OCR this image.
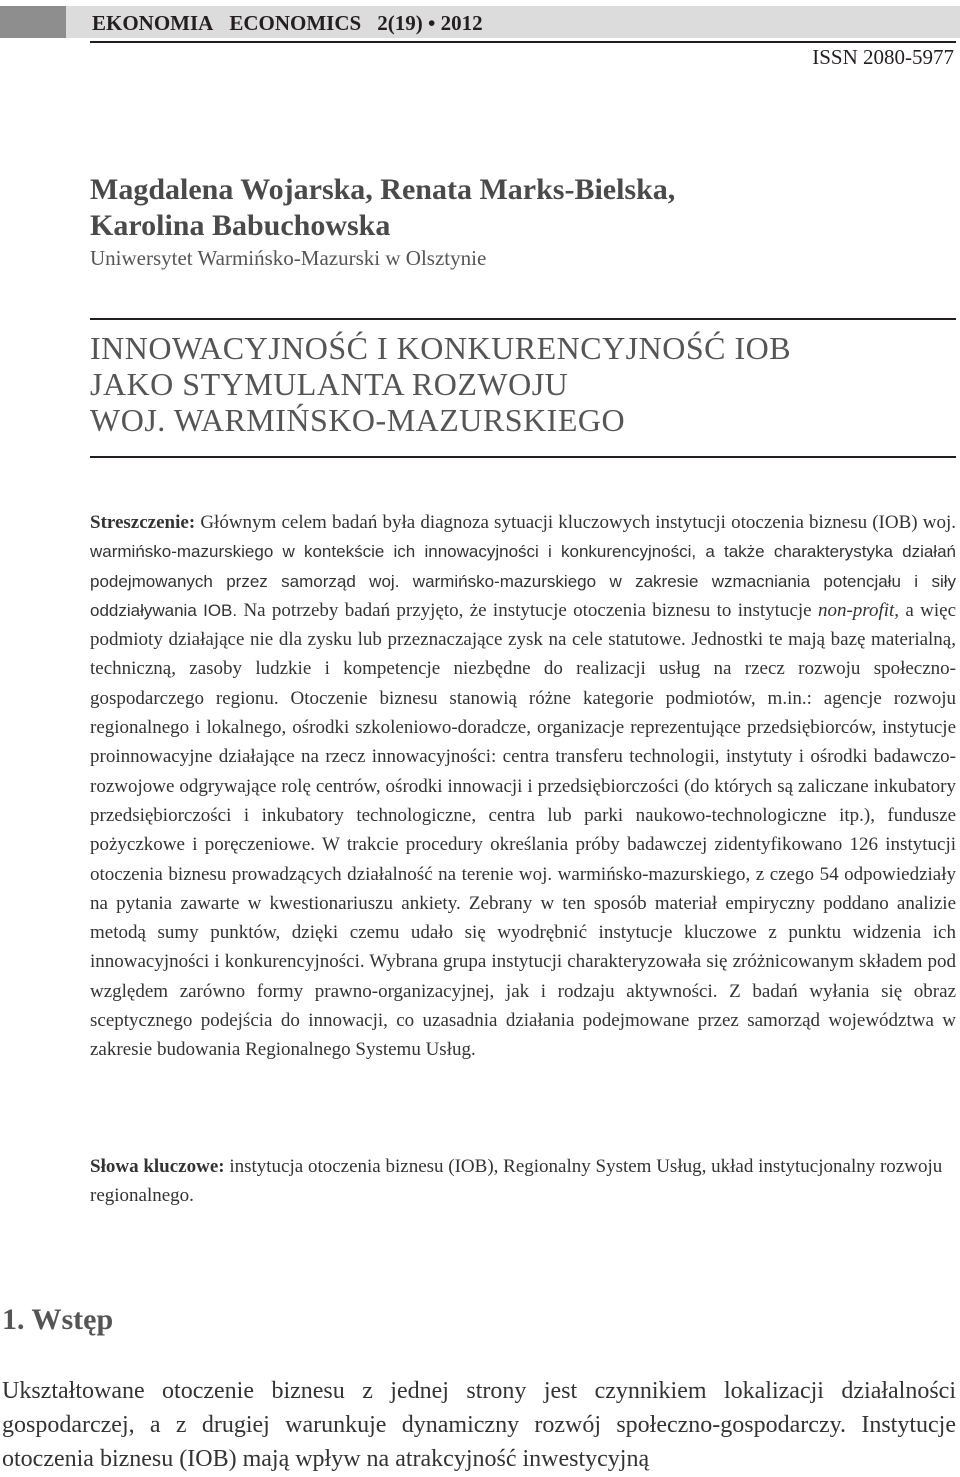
EKONOMIA ECONOMICS 2(19) • 2012
ISSN 2080-5977
Magdalena Wojarska, Renata Marks-Bielska,
Karolina Babuchowska
Uniwersytet Warmińsko-Mazurski w Olsztynie
INNOWACYJNOŚĆ I KONKURENCYJNOŚĆ IOB
JAKO STYMULANTA ROZWOJU
WOJ. WARMIŃSKO-MAZURSKIEGO
Streszczenie: Głównym celem badań była diagnoza sytuacji kluczowych instytucji otoczenia biznesu (IOB) woj. warmińsko-mazurskiego w kontekście ich innowacyjności i konkurencyjności, a także charakterystyka działań podejmowanych przez samorząd woj. warmińsko-mazurskiego w zakresie wzmacniania potencjału i siły oddziaływania IOB. Na potrzeby badań przyjęto, że instytucje otoczenia biznesu to instytucje non-profit, a więc podmioty działające nie dla zysku lub przeznaczające zysk na cele statutowe. Jednostki te mają bazę materialną, techniczną, zasoby ludzkie i kompetencje niezbędne do realizacji usług na rzecz rozwoju społeczno-gospodarczego regionu. Otoczenie biznesu stanowią różne kategorie podmiotów, m.in.: agencje rozwoju regionalnego i lokalnego, ośrodki szkoleniowo-doradcze, organizacje reprezentujące przedsiębiorców, instytucje proinnowacyjne działające na rzecz innowacyjności: centra transferu technologii, instytuty i ośrodki badawczo-rozwojowe odgrywające rolę centrów, ośrodki innowacji i przedsiębiorczości (do których są zaliczane inkubatory przedsiębiorczości i inkubatory technologiczne, centra lub parki naukowo-technologiczne itp.), fundusze pożyczkowe i poręczeniowe. W trakcie procedury określania próby badawczej zidentyfikowano 126 instytucji otoczenia biznesu prowadzących działalność na terenie woj. warmińsko-mazurskiego, z czego 54 odpowiedziały na pytania zawarte w kwestionariuszu ankiety. Zebrany w ten sposób materiał empiryczny poddano analizie metodą sumy punktów, dzięki czemu udało się wyodrębnić instytucje kluczowe z punktu widzenia ich innowacyjności i konkurencyjności. Wybrana grupa instytucji charakteryzowała się zróżnicowanym składem pod względem zarówno formy prawno-organizacyjnej, jak i rodzaju aktywności. Z badań wyłania się obraz sceptycznego podejścia do innowacji, co uzasadnia działania podejmowane przez samorząd województwa w zakresie budowania Regionalnego Systemu Usług.
Słowa kluczowe: instytucja otoczenia biznesu (IOB), Regionalny System Usług, układ instytucjonalny rozwoju regionalnego.
1. Wstęp
Ukształtowane otoczenie biznesu z jednej strony jest czynnikiem lokalizacji działalności gospodarczej, a z drugiej warunkuje dynamiczny rozwój społeczno-gospodarczy. Instytucje otoczenia biznesu (IOB) mają wpływ na atrakcyjność inwestycyjną
